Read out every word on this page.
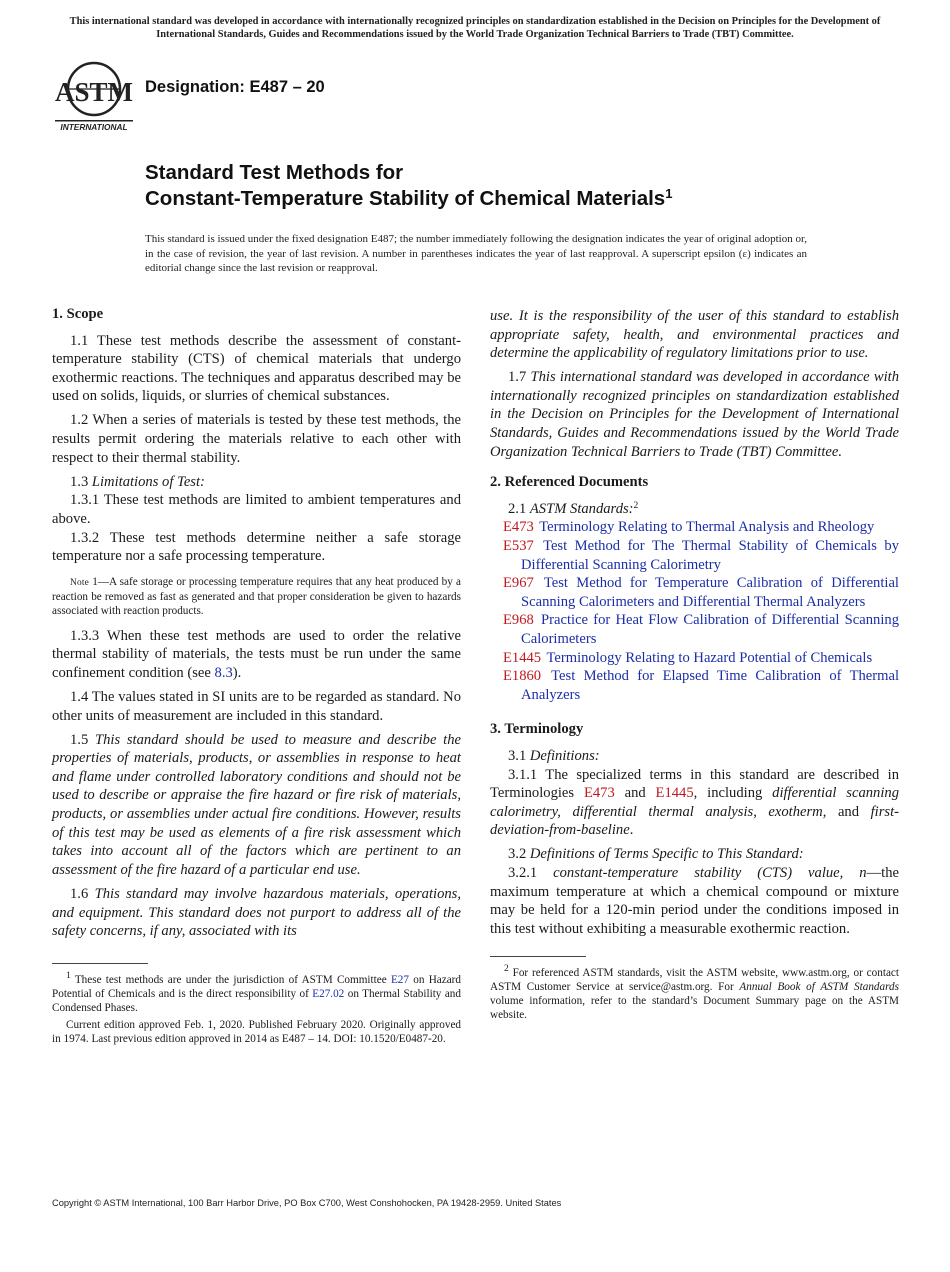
This international standard was developed in accordance with internationally recognized principles on standardization established in the Decision on Principles for the Development of International Standards, Guides and Recommendations issued by the World Trade Organization Technical Barriers to Trade (TBT) Committee.
ASTM
INTERNATIONAL
Designation: E487 – 20
Standard Test Methods for
Constant-Temperature Stability of Chemical Materials$^1$
This standard is issued under the fixed designation E487; the number immediately following the designation indicates the year of original adoption or, in the case of revision, the year of last revision. A number in parentheses indicates the year of last reapproval. A superscript epsilon (ε) indicates an editorial change since the last revision or reapproval.
1. Scope

1.1 These test methods describe the assessment of constant-temperature stability (CTS) of chemical materials that undergo exothermic reactions. The techniques and apparatus described may be used on solids, liquids, or slurries of chemical substances.

1.2 When a series of materials is tested by these test methods, the results permit ordering the materials relative to each other with respect to their thermal stability.

1.3 Limitations of Test:

1.3.1 These test methods are limited to ambient temperatures and above.

1.3.2 These test methods determine neither a safe storage temperature nor a safe processing temperature.

Note 1—A safe storage or processing temperature requires that any heat produced by a reaction be removed as fast as generated and that proper consideration be given to hazards associated with reaction products.

1.3.3 When these test methods are used to order the relative thermal stability of materials, the tests must be run under the same confinement condition (see 8.3).

1.4 The values stated in SI units are to be regarded as standard. No other units of measurement are included in this standard.

1.5 This standard should be used to measure and describe the properties of materials, products, or assemblies in response to heat and flame under controlled laboratory conditions and should not be used to describe or appraise the fire hazard or fire risk of materials, products, or assemblies under actual fire conditions. However, results of this test may be used as elements of a fire risk assessment which takes into account all of the factors which are pertinent to an assessment of the fire hazard of a particular end use.

1.6 This standard may involve hazardous materials, operations, and equipment. This standard does not purport to address all of the safety concerns, if any, associated with its

$^1$ These test methods are under the jurisdiction of ASTM Committee E27 on Hazard Potential of Chemicals and is the direct responsibility of E27.02 on Thermal Stability and Condensed Phases.

Current edition approved Feb. 1, 2020. Published February 2020. Originally approved in 1974. Last previous edition approved in 2014 as E487 – 14. DOI: 10.1520/E0487-20.

use. It is the responsibility of the user of this standard to establish appropriate safety, health, and environmental practices and determine the applicability of regulatory limitations prior to use.

1.7 This international standard was developed in accordance with internationally recognized principles on standardization established in the Decision on Principles for the Development of International Standards, Guides and Recommendations issued by the World Trade Organization Technical Barriers to Trade (TBT) Committee.

2. Referenced Documents

2.1 ASTM Standards:$^2$

E473 Terminology Relating to Thermal Analysis and Rheology

E537 Test Method for The Thermal Stability of Chemicals by Differential Scanning Calorimetry

E967 Test Method for Temperature Calibration of Differential Scanning Calorimeters and Differential Thermal Analyzers

E968 Practice for Heat Flow Calibration of Differential Scanning Calorimeters

E1445 Terminology Relating to Hazard Potential of Chemicals

E1860 Test Method for Elapsed Time Calibration of Thermal Analyzers

3. Terminology

3.1 Definitions:

3.1.1 The specialized terms in this standard are described in Terminologies E473 and E1445, including differential scanning calorimetry, differential thermal analysis, exotherm, and first-deviation-from-baseline.

3.2 Definitions of Terms Specific to This Standard:

3.2.1 constant-temperature stability (CTS) value, n—the maximum temperature at which a chemical compound or mixture may be held for a 120-min period under the conditions imposed in this test without exhibiting a measurable exothermic reaction.

$^2$ For referenced ASTM standards, visit the ASTM website, www.astm.org, or contact ASTM Customer Service at service@astm.org. For Annual Book of ASTM Standards volume information, refer to the standard’s Document Summary page on the ASTM website.

Copyright © ASTM International, 100 Barr Harbor Drive, PO Box C700, West Conshohocken, PA 19428-2959. United States
